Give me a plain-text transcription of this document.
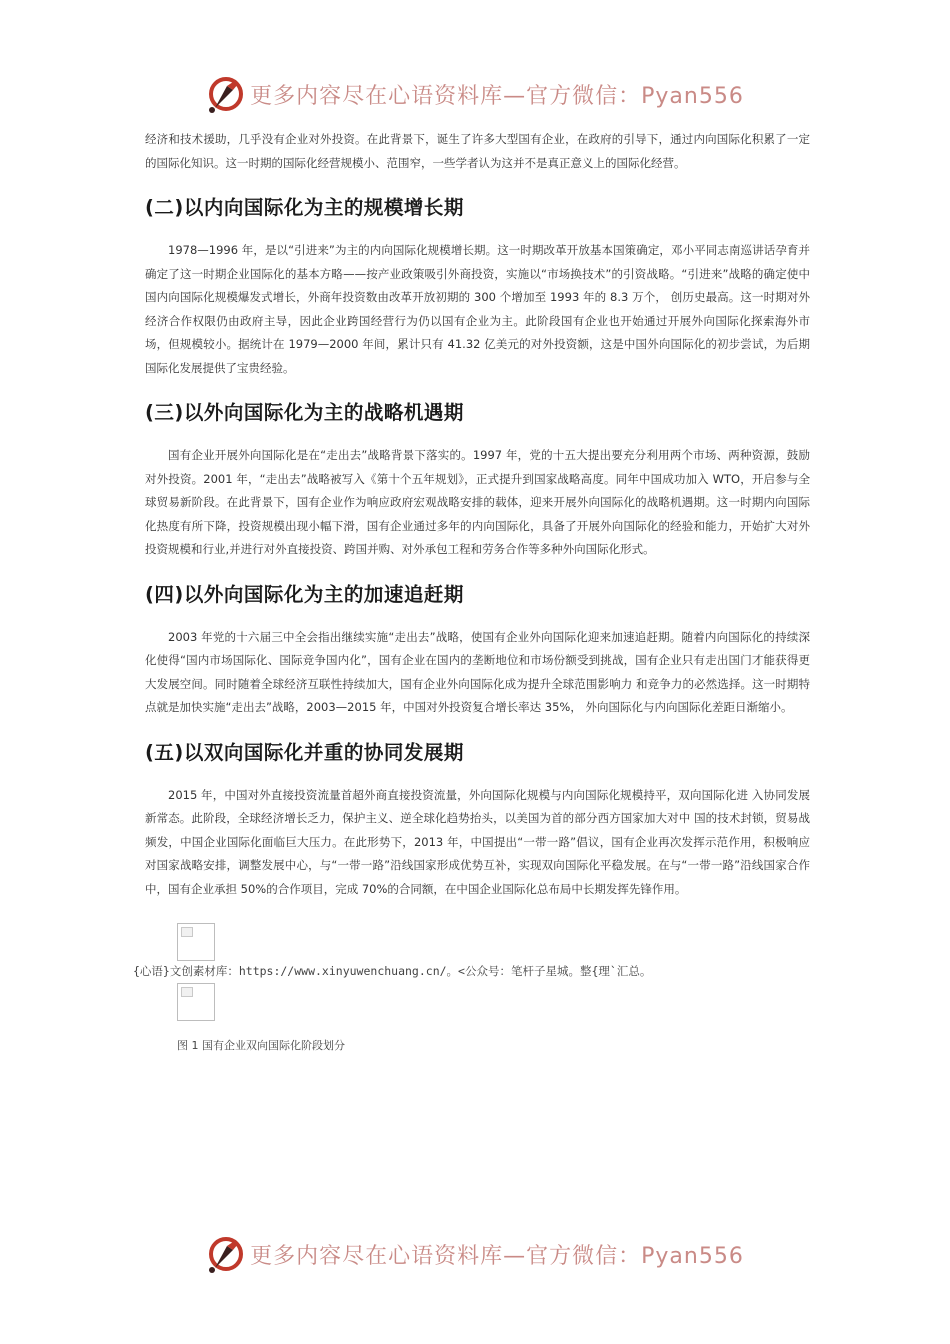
更多内容尽在心语资料库—官方微信：Pyan556

经济和技术援助，几乎没有企业对外投资。在此背景下，诞生了许多大型国有企业，在政府的引导下，通过内向国际化积累了一定的国际化知识。这一时期的国际化经营规模小、范围窄，一些学者认为这并不是真正意义上的国际化经营。

(二)以内向国际化为主的规模增长期

1978—1996 年，是以“引进来”为主的内向国际化规模增长期。这一时期改革开放基本国策确定，邓小平同志南巡讲话孕育并确定了这一时期企业国际化的基本方略——按产业政策吸引外商投资，实施以“市场换技术”的引资战略。“引进来”战略的确定使中国内向国际化规模爆发式增长，外商年投资数由改革开放初期的 300 个增加至 1993 年的 8.3 万个， 创历史最高。这一时期对外经济合作权限仍由政府主导，因此企业跨国经营行为仍以国有企业为主。此阶段国有企业也开始通过开展外向国际化探索海外市场，但规模较小。据统计在 1979—2000 年间，累计只有 41.32 亿美元的对外投资额，这是中国外向国际化的初步尝试，为后期国际化发展提供了宝贵经验。

(三)以外向国际化为主的战略机遇期

国有企业开展外向国际化是在“走出去”战略背景下落实的。1997 年，党的十五大提出要充分利用两个市场、两种资源，鼓励对外投资。2001 年，“走出去”战略被写入《第十个五年规划》，正式提升到国家战略高度。同年中国成功加入 WTO，开启参与全球贸易新阶段。在此背景下，国有企业作为响应政府宏观战略安排的载体，迎来开展外向国际化的战略机遇期。这一时期内向国际化热度有所下降，投资规模出现小幅下滑，国有企业通过多年的内向国际化，具备了开展外向国际化的经验和能力，开始扩大对外投资规模和行业,并进行对外直接投资、跨国并购、对外承包工程和劳务合作等多种外向国际化形式。

(四)以外向国际化为主的加速追赶期

2003 年党的十六届三中全会指出继续实施“走出去”战略，使国有企业外向国际化迎来加速追赶期。随着内向国际化的持续深化使得“国内市场国际化、国际竞争国内化”，国有企业在国内的垄断地位和市场份额受到挑战，国有企业只有走出国门才能获得更大发展空间。同时随着全球经济互联性持续加大，国有企业外向国际化成为提升全球范围影响力 和竞争力的必然选择。这一时期特点就是加快实施“走出去”战略，2003—2015 年，中国对外投资复合增长率达 35%， 外向国际化与内向国际化差距日渐缩小。

(五)以双向国际化并重的协同发展期

2015 年，中国对外直接投资流量首超外商直接投资流量，外向国际化规模与内向国际化规模持平，双向国际化进 入协同发展新常态。此阶段，全球经济增长乏力，保护主义、逆全球化趋势抬头，以美国为首的部分西方国家加大对中 国的技术封锁，贸易战频发，中国企业国际化面临巨大压力。在此形势下，2013 年，中国提出“一带一路”倡议，国有企业再次发挥示范作用，积极响应对国家战略安排，调整发展中心，与“一带一路”沿线国家形成优势互补，实现双向国际化平稳发展。在与“一带一路”沿线国家合作中，国有企业承担 50%的合作项目，完成 70%的合同额，在中国企业国际化总布局中长期发挥先锋作用。

{心语}文创素材库：https://www.xinyuwenchuang.cn/。<公众号：笔杆子星城。整{理`汇总。
图 1 国有企业双向国际化阶段划分
更多内容尽在心语资料库—官方微信：Pyan556
